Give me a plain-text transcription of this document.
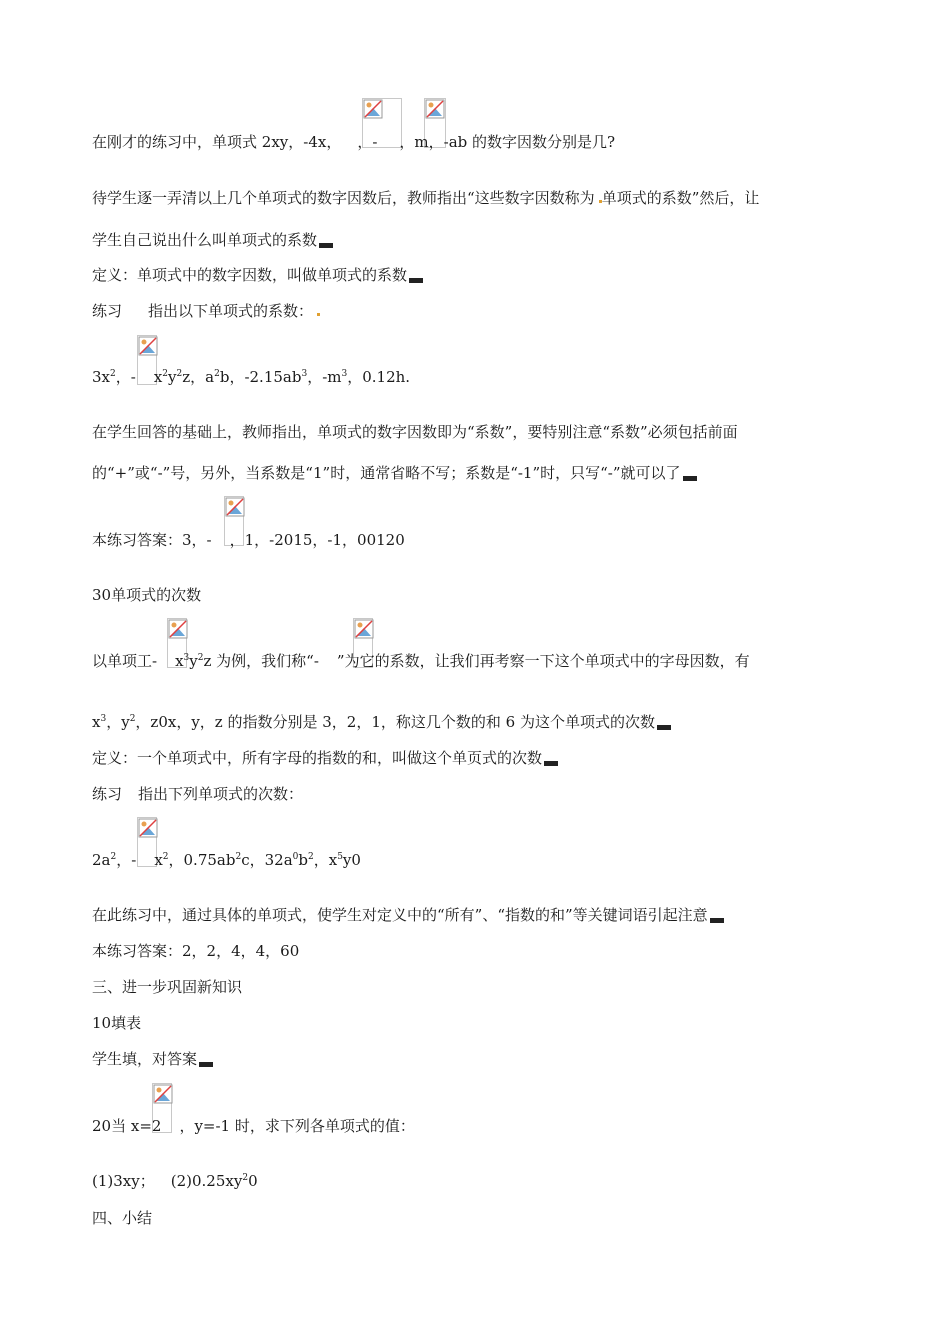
在刚才的练习中，单项式 2xy，-4x， ，- ，m，-ab 的数字因数分别是几?
待学生逐一弄清以上几个单项式的数字因数后，教师指出“这些数字因数称为 单项式的系数”然后，让
学生自己说出什么叫单项式的系数
定义：单项式中的数字因数，叫做单项式的系数
练习 指出以下单项式的系数：
$3x^2$，- $x^2y^2z$，$a^2b$，$-2.15ab^3$，$-m^3$，0.12h.
在学生回答的基础上，教师指出，单项式的数字因数即为“系数”，要特别注意“系数”必须包括前面
的“+”或“-”号，另外，当系数是“1”时，通常省略不写；系数是“-1”时，只写“-”就可以了
本练习答案：3，- ，1，-2015，-1，00120
30单项式的次数
以单项工- $x^3y^2z$ 为例，我们称“- ”为它的系数，让我们再考察一下这个单项式中的字母因数，有
$x^3$，$y^2$，z0x，y，z 的指数分别是 3，2，1，称这几个数的和 6 为这个单项式的次数
定义：一个单项式中，所有字母的指数的和，叫做这个单页式的次数
练习 指出下列单项式的次数：
$2a^2$，- $x^2$，$0.75ab^2c$，$32a^0b^2$，$x^5y0$
在此练习中，通过具体的单项式，使学生对定义中的“所有”、“指数的和”等关键词语引起注意
本练习答案：2，2，4，4，60
三、进一步巩固新知识
10填表
学生填，对答案
20当 x=2 ，y=-1 时，求下列各单项式的值：
(1)3xy； $(2)0.25xy^20$
四、小结
